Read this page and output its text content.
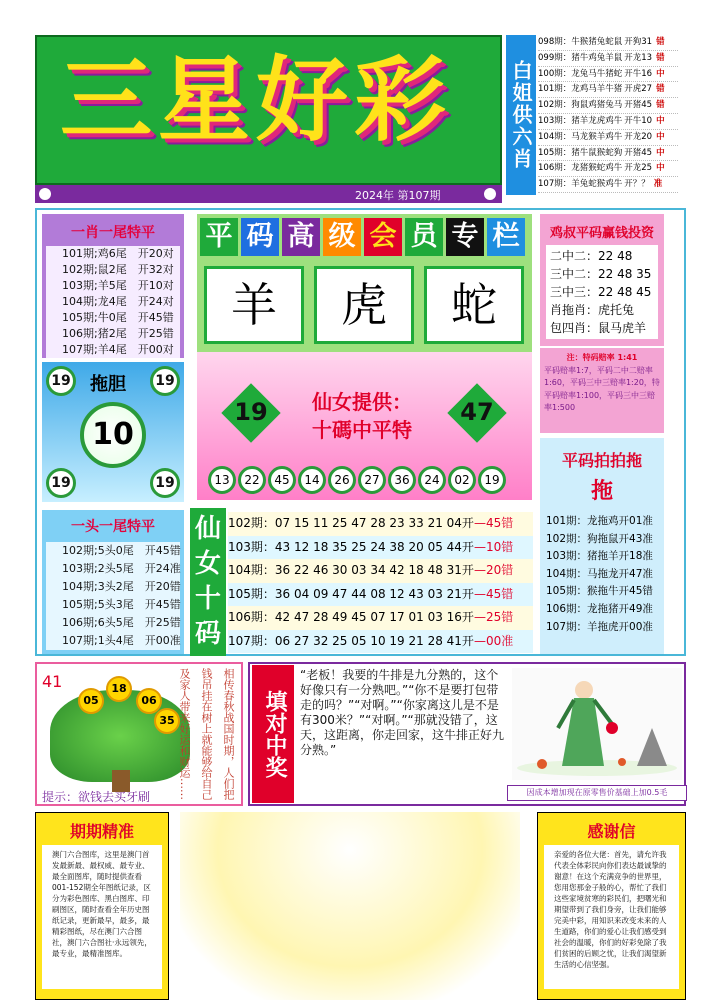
三星好彩
2024年 第107期
白姐供六肖
098期：牛猴猪兔蛇鼠 开狗31 错
099期：猪牛鸡兔羊鼠 开龙13 错
100期：龙兔马牛猪蛇 开牛16 中
101期：龙鸡马羊牛猪 开虎27 错
102期：狗鼠鸡猪兔马 开猪45 错
103期：猪羊龙虎鸡牛 开牛10 中
104期：马龙猴羊鸡牛 开龙20 中
105期：猪牛鼠猴蛇狗 开猪45 中
106期：龙猪猴蛇鸡牛 开龙25 中
107期：羊兔蛇猴鸡牛 开？？ 准
一肖一尾特平
101期;鸡6尾　开20对
102期;鼠2尾　开32对
103期;羊5尾　开10对
104期;龙4尾　开24对
105期;牛0尾　开45错
106期;猪2尾　开25错
107期;羊4尾　开00对
19	19
19	19
拖胆
10
一头一尾特平
102期;5头0尾　开45错
103期;2头5尾　开24准
104期;3头2尾　开20错
105期;5头3尾　开45错
106期;6头5尾　开25错
107期;1头4尾　开00准
平 码 高 级 会 员 专 栏
羊	虎	蛇
19	47
仙女提供：
十碼中平特
13	22	45	14	26	27	36	24	02	19
仙女十码
102期：07 15 11 25 47 28 23 33 21 04开—45错
103期：43 12 18 35 25 24 38 20 05 44开—10错
104期：36 22 46 30 03 34 42 18 48 31开—20错
105期：36 04 09 47 44 08 12 43 03 21开—45错
106期：42 47 28 49 45 07 17 01 03 16开—25错
107期：06 27 32 25 05 10 19 21 28 41开—00准
鸡叔平码赢钱投资
二中二：22 48
三中二：22 48 35
三中三：22 48 45
肖拖肖：虎托兔
包四肖：鼠马虎羊
注：特码赔率 1:41
平码赔率1:7，平码二中二赔率1:60，平码三中三赔率1:20，特平码赔率1:100，平码三中三赔率1:500
平码拍拍拖
拖
101期：龙拖鸡开01准
102期：狗拖鼠开43准
103期：猪拖羊开18准
104期：马拖龙开47准
105期：猴拖牛开45错
106期：龙拖猪开49准
107期：羊拖虎开00准
41	18
05	06
35
提示：欲钱去买牙刷	相传春秋战国时期，人们把钱吊挂在树上就能够给自己及家人带来好运和财运……	填对中奖
“老板！我要的牛排是九分熟的，这个好像只有一分熟吧。”“你不是要打包带走的吗？”“对啊。”“你家离这儿是不是有300米？”“对啊。”“那就没错了，这天，这距离，你走回家，这牛排正好九分熟。”
因成本增加现在原零售价基础上加0.5毛
期期精准
澳门六合图库，这里是澳门首发最新最、最权威、最专业、最全面图库，随时提供查看001-152期全年图纸记录，区分为彩色图库、黑白图库、印刷图区，随时查看全年历史图纸记录，更新最早，最多，最精彩图纸，尽在澳门六合图社，澳门六合图社·永远领先，最专业，最精准图库。
感谢信
亲爱的各位大佬：首先，请允许我代表全体彩民向你们表达最诚挚的谢意！在这个充满竞争的世界里，您用您那金子般的心，帮忙了我们这些家境贫寒的彩民们，把曙光和期望带到了我们身旁，让我们能够完美中彩，用知识来改变未来的人生道路，你们的爱心让我们感受到社会的温暖，你们的好彩免除了我们贫困的后顾之忧，让我们渴望新生活的心信坚强。
